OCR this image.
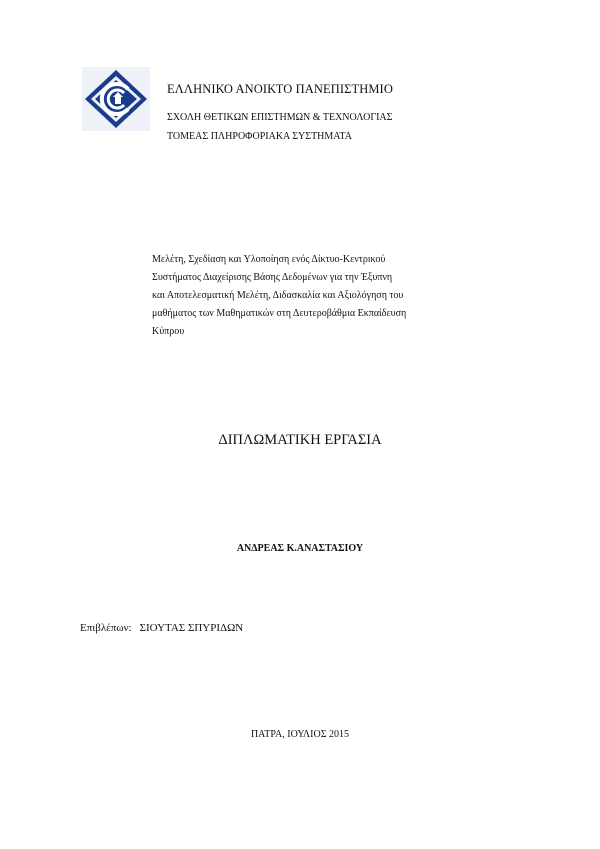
ΕΛΛΗΝΙΚΟ ΑΝΟΙΚΤΟ ΠΑΝΕΠΙΣΤΗΜΙΟ
ΣΧΟΛΗ ΘΕΤΙΚΩΝ ΕΠΙΣΤΗΜΩΝ & ΤΕΧΝΟΛΟΓΙΑΣ
ΤΟΜΕΑΣ ΠΛΗΡΟΦΟΡΙΑΚΑ ΣΥΣΤΗΜΑΤΑ
Μελέτη, Σχεδίαση και Υλοποίηση ενός Δίκτυο-Κεντρικού
Συστήματος Διαχείρισης Βάσης Δεδομένων για την Έξυπνη
και Αποτελεσματική Μελέτη, Διδασκαλία και Αξιολόγηση του
μαθήματος των Μαθηματικών στη Δευτεροβάθμια Εκπαίδευση
Κύπρου
ΔΙΠΛΩΜΑΤΙΚΗ ΕΡΓΑΣΙΑ
ΑΝΔΡΕΑΣ Κ.ΑΝΑΣΤΑΣΙΟΥ
Επιβλέπων: ΣΙΟΥΤΑΣ ΣΠΥΡΙΔΩΝ
ΠΑΤΡΑ, ΙΟΥΛΙΟΣ 2015
